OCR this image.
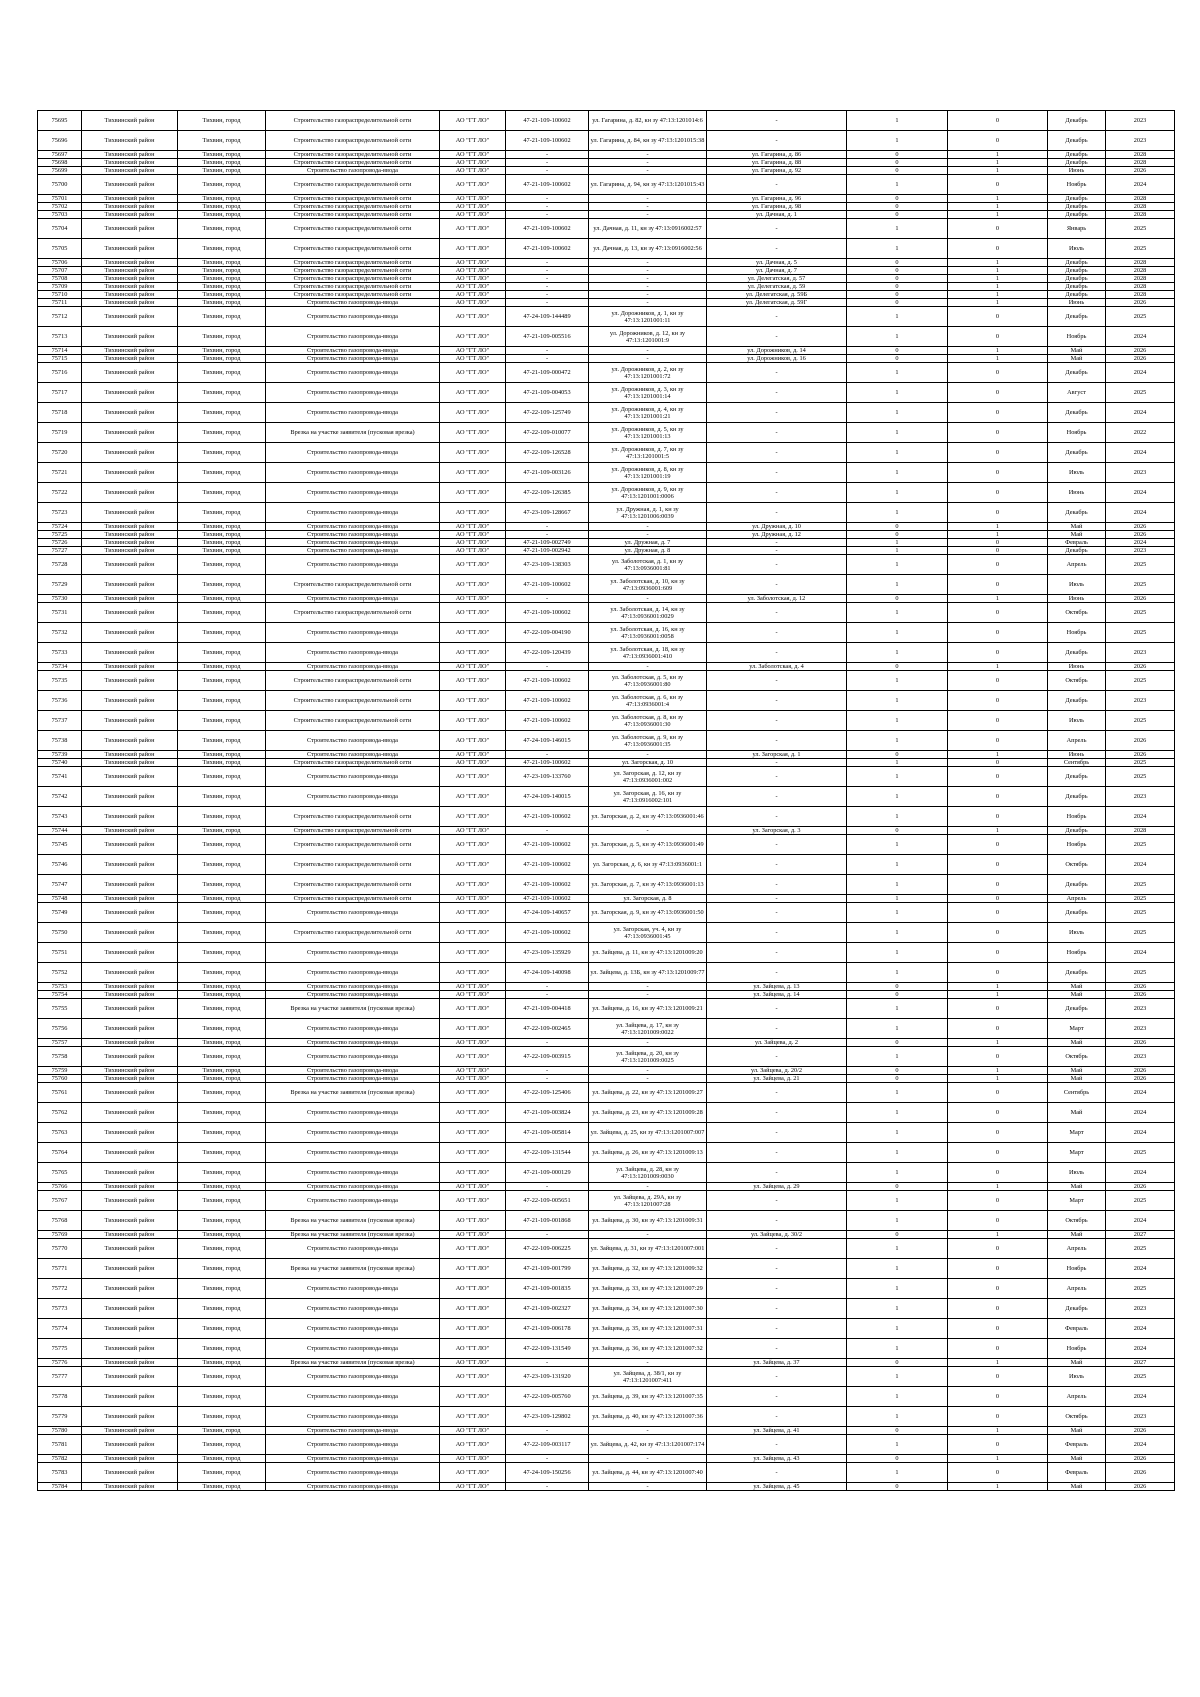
75695	Тихвинский район	Тихвин, город	Строительство газораспределительной сети	АО "ГТ ЛО"	47-21-109-100602	ул. Гагарина, д. 82, кн зу 47:13:1201014:6	-	1	0	Декабрь	2023
75696	Тихвинский район	Тихвин, город	Строительство газораспределительной сети	АО "ГТ ЛО"	47-21-109-100602	ул. Гагарина, д. 84, кн зу 47:13:1201015:38	-	1	0	Декабрь	2023
75697	Тихвинский район	Тихвин, город	Строительство газораспределительной сети	АО "ГТ ЛО"	-	-	ул. Гагарина, д. 86	0	1	Декабрь	2028
75698	Тихвинский район	Тихвин, город	Строительство газораспределительной сети	АО "ГТ ЛО"	-	-	ул. Гагарина, д. 88	0	1	Декабрь	2028
75699	Тихвинский район	Тихвин, город	Строительство газопровода-ввода	АО "ГТ ЛО"	-	-	ул. Гагарина, д. 92	0	1	Июнь	2026
75700	Тихвинский район	Тихвин, город	Строительство газораспределительной сети	АО "ГТ ЛО"	47-21-109-100602	ул. Гагарина, д. 94, кн зу 47:13:1201015:43	-	1	0	Ноябрь	2024
75701	Тихвинский район	Тихвин, город	Строительство газораспределительной сети	АО "ГТ ЛО"	-	-	ул. Гагарина, д. 96	0	1	Декабрь	2028
75702	Тихвинский район	Тихвин, город	Строительство газораспределительной сети	АО "ГТ ЛО"	-	-	ул. Гагарина, д. 98	0	1	Декабрь	2028
75703	Тихвинский район	Тихвин, город	Строительство газораспределительной сети	АО "ГТ ЛО"	-	-	ул. Дачная, д. 1	0	1	Декабрь	2028
75704	Тихвинский район	Тихвин, город	Строительство газораспределительной сети	АО "ГТ ЛО"	47-21-109-100602	ул. Дачная, д. 11, кн зу 47:13:0916002:57	-	1	0	Январь	2025
75705	Тихвинский район	Тихвин, город	Строительство газораспределительной сети	АО "ГТ ЛО"	47-21-109-100602	ул. Дачная, д. 13, кн зу 47:13:0916002:56	-	1	0	Июль	2025
75706	Тихвинский район	Тихвин, город	Строительство газораспределительной сети	АО "ГТ ЛО"	-	-	ул. Дачная, д. 5	0	1	Декабрь	2028
75707	Тихвинский район	Тихвин, город	Строительство газораспределительной сети	АО "ГТ ЛО"	-	-	ул. Дачная, д. 7	0	1	Декабрь	2028
75708	Тихвинский район	Тихвин, город	Строительство газораспределительной сети	АО "ГТ ЛО"	-	-	ул. Делегатская, д. 57	0	1	Декабрь	2028
75709	Тихвинский район	Тихвин, город	Строительство газораспределительной сети	АО "ГТ ЛО"	-	-	ул. Делегатская, д. 59	0	1	Декабрь	2028
75710	Тихвинский район	Тихвин, город	Строительство газораспределительной сети	АО "ГТ ЛО"	-	-	ул. Делегатская, д. 59Б	0	1	Декабрь	2028
75711	Тихвинский район	Тихвин, город	Строительство газопровода-ввода	АО "ГТ ЛО"	-	-	ул. Делегатская, д. 59Г	0	1	Июнь	2026
75712	Тихвинский район	Тихвин, город	Строительство газопровода-ввода	АО "ГТ ЛО"	47-24-109-144489	ул. Дорожников, д. 1, кн зу 47:13:1201001:11	-	1	0	Декабрь	2025
75713	Тихвинский район	Тихвин, город	Строительство газопровода-ввода	АО "ГТ ЛО"	47-21-109-005516	ул. Дорожников, д. 12, кн зу 47:13:1201001:9	-	1	0	Ноябрь	2024
75714	Тихвинский район	Тихвин, город	Строительство газопровода-ввода	АО "ГТ ЛО"	-	-	ул. Дорожников, д. 14	0	1	Май	2026
75715	Тихвинский район	Тихвин, город	Строительство газопровода-ввода	АО "ГТ ЛО"	-	-	ул. Дорожников, д. 16	0	1	Май	2026
75716	Тихвинский район	Тихвин, город	Строительство газопровода-ввода	АО "ГТ ЛО"	47-21-109-000472	ул. Дорожников, д. 2, кн зу 47:13:1201001:72	-	1	0	Декабрь	2024
75717	Тихвинский район	Тихвин, город	Строительство газопровода-ввода	АО "ГТ ЛО"	47-21-109-004053	ул. Дорожников, д. 3, кн зу 47:13:1201001:14	-	1	0	Август	2025
75718	Тихвинский район	Тихвин, город	Строительство газопровода-ввода	АО "ГТ ЛО"	47-22-109-125749	ул. Дорожников, д. 4, кн зу 47:13:1201001:21	-	1	0	Декабрь	2024
75719	Тихвинский район	Тихвин, город	Врезка на участке заявителя (пусковая врезка)	АО "ГТ ЛО"	47-22-109-010077	ул. Дорожников, д. 5, кн зу 47:13:1201001:13	-	1	0	Ноябрь	2022
75720	Тихвинский район	Тихвин, город	Строительство газопровода-ввода	АО "ГТ ЛО"	47-22-109-126528	ул. Дорожников, д. 7, кн зу 47:13:1201001:5	-	1	0	Декабрь	2024
75721	Тихвинский район	Тихвин, город	Строительство газопровода-ввода	АО "ГТ ЛО"	47-21-109-003126	ул. Дорожников, д. 8, кн зу 47:13:1201001:19	-	1	0	Июль	2023
75722	Тихвинский район	Тихвин, город	Строительство газопровода-ввода	АО "ГТ ЛО"	47-22-109-126385	ул. Дорожников, д. 9, кн зу 47:13:1201001:0006	-	1	0	Июнь	2024
75723	Тихвинский район	Тихвин, город	Строительство газопровода-ввода	АО "ГТ ЛО"	47-23-109-128667	ул. Дружная, д. 1, кн зу 47:13:1201006:0039	-	1	0	Декабрь	2024
75724	Тихвинский район	Тихвин, город	Строительство газопровода-ввода	АО "ГТ ЛО"	-	-	ул. Дружная, д. 10	0	1	Май	2026
75725	Тихвинский район	Тихвин, город	Строительство газопровода-ввода	АО "ГТ ЛО"	-	-	ул. Дружная, д. 12	0	1	Май	2026
75726	Тихвинский район	Тихвин, город	Строительство газопровода-ввода	АО "ГТ ЛО"	47-21-109-002749	ул. Дружная, д. 7	-	1	0	Февраль	2024
75727	Тихвинский район	Тихвин, город	Строительство газопровода-ввода	АО "ГТ ЛО"	47-21-109-002942	ул. Дружная, д. 8	-	1	0	Декабрь	2023
75728	Тихвинский район	Тихвин, город	Строительство газопровода-ввода	АО "ГТ ЛО"	47-23-109-138303	ул. Заболотская, д. 1, кн зу 47:13:0936001:81	-	1	0	Апрель	2025
75729	Тихвинский район	Тихвин, город	Строительство газораспределительной сети	АО "ГТ ЛО"	47-21-109-100602	ул. Заболотская, д. 10, кн зу 47:13:0936001:609	-	1	0	Июль	2025
75730	Тихвинский район	Тихвин, город	Строительство газопровода-ввода	АО "ГТ ЛО"	-	-	ул. Заболотская, д. 12	0	1	Июнь	2026
75731	Тихвинский район	Тихвин, город	Строительство газораспределительной сети	АО "ГТ ЛО"	47-21-109-100602	ул. Заболотская, д. 14, кн зу 47:13:0936001:0029	-	1	0	Октябрь	2025
75732	Тихвинский район	Тихвин, город	Строительство газопровода-ввода	АО "ГТ ЛО"	47-22-109-004190	ул. Заболотская, д. 16, кн зу 47:13:0936001:0058	-	1	0	Ноябрь	2025
75733	Тихвинский район	Тихвин, город	Строительство газопровода-ввода	АО "ГТ ЛО"	47-22-109-120439	ул. Заболотская, д. 18, кн зу 47:13:0936001:410	-	1	0	Декабрь	2023
75734	Тихвинский район	Тихвин, город	Строительство газопровода-ввода	АО "ГТ ЛО"	-	-	ул. Заболотская, д. 4	0	1	Июнь	2026
75735	Тихвинский район	Тихвин, город	Строительство газораспределительной сети	АО "ГТ ЛО"	47-21-109-100602	ул. Заболотская, д. 5, кн зу 47:13:0936001:80	-	1	0	Октябрь	2025
75736	Тихвинский район	Тихвин, город	Строительство газораспределительной сети	АО "ГТ ЛО"	47-21-109-100602	ул. Заболотская, д. 6, кн зу 47:13:0936001:4	-	1	0	Декабрь	2023
75737	Тихвинский район	Тихвин, город	Строительство газораспределительной сети	АО "ГТ ЛО"	47-21-109-100602	ул. Заболотская, д. 8, кн зу 47:13:0936001:30	-	1	0	Июль	2025
75738	Тихвинский район	Тихвин, город	Строительство газопровода-ввода	АО "ГТ ЛО"	47-24-109-146015	ул. Заболотская, д. 9, кн зу 47:13:0936001:35	-	1	0	Апрель	2026
75739	Тихвинский район	Тихвин, город	Строительство газопровода-ввода	АО "ГТ ЛО"	-	-	ул. Загорская, д. 1	0	1	Июнь	2026
75740	Тихвинский район	Тихвин, город	Строительство газораспределительной сети	АО "ГТ ЛО"	47-21-109-100602	ул. Загорская, д. 10	-	1	0	Сентябрь	2025
75741	Тихвинский район	Тихвин, город	Строительство газопровода-ввода	АО "ГТ ЛО"	47-23-109-133760	ул. Загорская, д. 12, кн зу 47:13:0936001:002	-	1	0	Декабрь	2025
75742	Тихвинский район	Тихвин, город	Строительство газопровода-ввода	АО "ГТ ЛО"	47-24-109-140015	ул. Загорская, д. 16, кн зу 47:13:0916002:101	-	1	0	Декабрь	2023
75743	Тихвинский район	Тихвин, город	Строительство газораспределительной сети	АО "ГТ ЛО"	47-21-109-100602	ул. Загорская, д. 2, кн зу 47:13:0936001:46	-	1	0	Ноябрь	2024
75744	Тихвинский район	Тихвин, город	Строительство газораспределительной сети	АО "ГТ ЛО"	-	-	ул. Загорская, д. 3	0	1	Декабрь	2028
75745	Тихвинский район	Тихвин, город	Строительство газораспределительной сети	АО "ГТ ЛО"	47-21-109-100602	ул. Загорская, д. 5, кн зу 47:13:0936001:49	-	1	0	Ноябрь	2025
75746	Тихвинский район	Тихвин, город	Строительство газораспределительной сети	АО "ГТ ЛО"	47-21-109-100602	ул. Загорская, д. 6, кн зу 47:13:0936001:1	-	1	0	Октябрь	2024
75747	Тихвинский район	Тихвин, город	Строительство газораспределительной сети	АО "ГТ ЛО"	47-21-109-100602	ул. Загорская, д. 7, кн зу 47:13:0936001:13	-	1	0	Декабрь	2025
75748	Тихвинский район	Тихвин, город	Строительство газораспределительной сети	АО "ГТ ЛО"	47-21-109-100602	ул. Загорская, д. 8	-	1	0	Апрель	2025
75749	Тихвинский район	Тихвин, город	Строительство газопровода-ввода	АО "ГТ ЛО"	47-24-109-140657	ул. Загорская, д. 9, кн зу 47:13:0936001:50	-	1	0	Декабрь	2025
75750	Тихвинский район	Тихвин, город	Строительство газораспределительной сети	АО "ГТ ЛО"	47-21-109-100602	ул. Загорская, уч. 4, кн зу 47:13:0936001:45	-	1	0	Июль	2025
75751	Тихвинский район	Тихвин, город	Строительство газопровода-ввода	АО "ГТ ЛО"	47-23-109-135929	ул. Зайцева, д. 11, кн зу 47:13:1201009:20	-	1	0	Ноябрь	2024
75752	Тихвинский район	Тихвин, город	Строительство газопровода-ввода	АО "ГТ ЛО"	47-24-109-140098	ул. Зайцева, д. 13Б, кн зу 47:13:1201009:77	-	1	0	Декабрь	2025
75753	Тихвинский район	Тихвин, город	Строительство газопровода-ввода	АО "ГТ ЛО"	-	-	ул. Зайцева, д. 13	0	1	Май	2026
75754	Тихвинский район	Тихвин, город	Строительство газопровода-ввода	АО "ГТ ЛО"	-	-	ул. Зайцева, д. 14	0	1	Май	2026
75755	Тихвинский район	Тихвин, город	Врезка на участке заявителя (пусковая врезка)	АО "ГТ ЛО"	47-21-109-004418	ул. Зайцева, д. 16, кн зу 47:13:1201009:21	-	1	0	Декабрь	2023
75756	Тихвинский район	Тихвин, город	Строительство газопровода-ввода	АО "ГТ ЛО"	47-22-109-002465	ул. Зайцева, д. 17, кн зу 47:13:1201009:0022	-	1	0	Март	2023
75757	Тихвинский район	Тихвин, город	Строительство газопровода-ввода	АО "ГТ ЛО"	-	-	ул. Зайцева, д. 2	0	1	Май	2026
75758	Тихвинский район	Тихвин, город	Строительство газопровода-ввода	АО "ГТ ЛО"	47-22-109-003915	ул. Зайцева, д. 20, кн зу 47:13:1201009:0025	-	1	0	Октябрь	2023
75759	Тихвинский район	Тихвин, город	Строительство газопровода-ввода	АО "ГТ ЛО"	-	-	ул. Зайцева, д. 20/2	0	1	Май	2026
75760	Тихвинский район	Тихвин, город	Строительство газопровода-ввода	АО "ГТ ЛО"	-	-	ул. Зайцева, д. 21	0	1	Май	2026
75761	Тихвинский район	Тихвин, город	Врезка на участке заявителя (пусковая врезка)	АО "ГТ ЛО"	47-22-109-125406	ул. Зайцева, д. 22, кн зу 47:13:1201009:27	-	1	0	Сентябрь	2024
75762	Тихвинский район	Тихвин, город	Строительство газопровода-ввода	АО "ГТ ЛО"	47-21-109-003824	ул. Зайцева, д. 23, кн зу 47:13:1201009:28	-	1	0	Май	2024
75763	Тихвинский район	Тихвин, город	Строительство газопровода-ввода	АО "ГТ ЛО"	47-21-109-005814	ул. Зайцева, д. 25, кн зу 47:13:1201007:007	-	1	0	Март	2024
75764	Тихвинский район	Тихвин, город	Строительство газопровода-ввода	АО "ГТ ЛО"	47-22-109-131544	ул. Зайцева, д. 26, кн зу 47:13:1201009:13	-	1	0	Март	2025
75765	Тихвинский район	Тихвин, город	Строительство газопровода-ввода	АО "ГТ ЛО"	47-21-109-000129	ул. Зайцева, д. 28, кн зу 47:13:1201009:0030	-	1	0	Июль	2024
75766	Тихвинский район	Тихвин, город	Строительство газопровода-ввода	АО "ГТ ЛО"	-	-	ул. Зайцева, д. 29	0	1	Май	2026
75767	Тихвинский район	Тихвин, город	Строительство газопровода-ввода	АО "ГТ ЛО"	47-22-109-005651	ул. Зайцева, д. 29А, кн зу 47:13:1201007:28	-	1	0	Март	2025
75768	Тихвинский район	Тихвин, город	Врезка на участке заявителя (пусковая врезка)	АО "ГТ ЛО"	47-21-109-001868	ул. Зайцева, д. 30, кн зу 47:13:1201009:31	-	1	0	Октябрь	2024
75769	Тихвинский район	Тихвин, город	Врезка на участке заявителя (пусковая врезка)	АО "ГТ ЛО"	-	-	ул. Зайцева, д. 30/2	0	1	Май	2027
75770	Тихвинский район	Тихвин, город	Строительство газопровода-ввода	АО "ГТ ЛО"	47-22-109-006225	ул. Зайцева, д. 31, кн зу 47:13:1201007:001	-	1	0	Апрель	2025
75771	Тихвинский район	Тихвин, город	Врезка на участке заявителя (пусковая врезка)	АО "ГТ ЛО"	47-21-109-001799	ул. Зайцева, д. 32, кн зу 47:13:1201009:32	-	1	0	Ноябрь	2024
75772	Тихвинский район	Тихвин, город	Строительство газопровода-ввода	АО "ГТ ЛО"	47-21-109-001835	ул. Зайцева, д. 33, кн зу 47:13:1201007:29	-	1	0	Апрель	2025
75773	Тихвинский район	Тихвин, город	Строительство газопровода-ввода	АО "ГТ ЛО"	47-21-109-002327	ул. Зайцева, д. 34, кн зу 47:13:1201007:30	-	1	0	Декабрь	2023
75774	Тихвинский район	Тихвин, город	Строительство газопровода-ввода	АО "ГТ ЛО"	47-21-109-006178	ул. Зайцева, д. 35, кн зу 47:13:1201007:31	-	1	0	Февраль	2024
75775	Тихвинский район	Тихвин, город	Строительство газопровода-ввода	АО "ГТ ЛО"	47-22-109-131549	ул. Зайцева, д. 36, кн зу 47:13:1201007:32	-	1	0	Ноябрь	2024
75776	Тихвинский район	Тихвин, город	Врезка на участке заявителя (пусковая врезка)	АО "ГТ ЛО"	-	-	ул. Зайцева, д. 37	0	1	Май	2027
75777	Тихвинский район	Тихвин, город	Строительство газопровода-ввода	АО "ГТ ЛО"	47-23-109-131920	ул. Зайцева, д. 38/1, кн зу 47:13:1201007:411	-	1	0	Июль	2025
75778	Тихвинский район	Тихвин, город	Строительство газопровода-ввода	АО "ГТ ЛО"	47-22-109-005760	ул. Зайцева, д. 39, кн зу 47:13:1201007:35	-	1	0	Апрель	2024
75779	Тихвинский район	Тихвин, город	Строительство газопровода-ввода	АО "ГТ ЛО"	47-23-109-129802	ул. Зайцева, д. 40, кн зу 47:13:1201007:36	-	1	0	Октябрь	2023
75780	Тихвинский район	Тихвин, город	Строительство газопровода-ввода	АО "ГТ ЛО"	-	-	ул. Зайцева, д. 41	0	1	Май	2026
75781	Тихвинский район	Тихвин, город	Строительство газопровода-ввода	АО "ГТ ЛО"	47-22-109-003117	ул. Зайцева, д. 42, кн зу 47:13:1201007:174	-	1	0	Февраль	2024
75782	Тихвинский район	Тихвин, город	Строительство газопровода-ввода	АО "ГТ ЛО"	-	-	ул. Зайцева, д. 43	0	1	Май	2026
75783	Тихвинский район	Тихвин, город	Строительство газопровода-ввода	АО "ГТ ЛО"	47-24-109-150256	ул. Зайцева, д. 44, кн зу 47:13:1201007:40	-	1	0	Февраль	2026
75784	Тихвинский район	Тихвин, город	Строительство газопровода-ввода	АО "ГТ ЛО"	-	-	ул. Зайцева, д. 45	0	1	Май	2026
